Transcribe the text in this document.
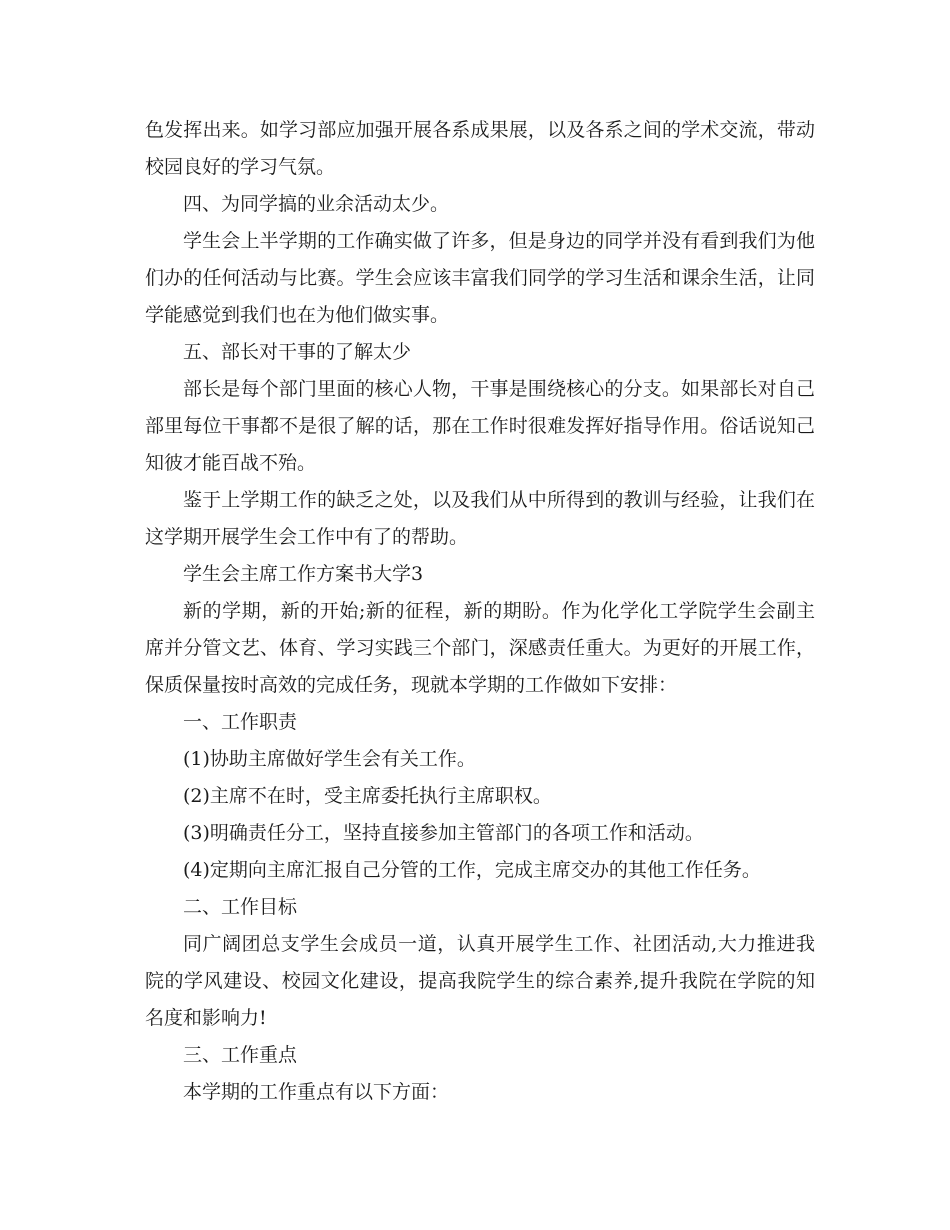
色发挥出来。如学习部应加强开展各系成果展，以及各系之间的学术交流，带动校园良好的学习气氛。

四、为同学搞的业余活动太少。

学生会上半学期的工作确实做了许多，但是身边的同学并没有看到我们为他们办的任何活动与比赛。学生会应该丰富我们同学的学习生活和课余生活，让同学能感觉到我们也在为他们做实事。

五、部长对干事的了解太少

部长是每个部门里面的核心人物，干事是围绕核心的分支。如果部长对自己部里每位干事都不是很了解的话，那在工作时很难发挥好指导作用。俗话说知己知彼才能百战不殆。

鉴于上学期工作的缺乏之处，以及我们从中所得到的教训与经验，让我们在这学期开展学生会工作中有了的帮助。

学生会主席工作方案书大学3

新的学期，新的开始;新的征程，新的期盼。作为化学化工学院学生会副主席并分管文艺、体育、学习实践三个部门，深感责任重大。为更好的开展工作，保质保量按时高效的完成任务，现就本学期的工作做如下安排：

一、工作职责

(1)协助主席做好学生会有关工作。

(2)主席不在时，受主席委托执行主席职权。

(3)明确责任分工，坚持直接参加主管部门的各项工作和活动。

(4)定期向主席汇报自己分管的工作，完成主席交办的其他工作任务。

二、工作目标

同广阔团总支学生会成员一道，认真开展学生工作、社团活动,大力推进我院的学风建设、校园文化建设，提高我院学生的综合素养,提升我院在学院的知名度和影响力!

三、工作重点

本学期的工作重点有以下方面：
